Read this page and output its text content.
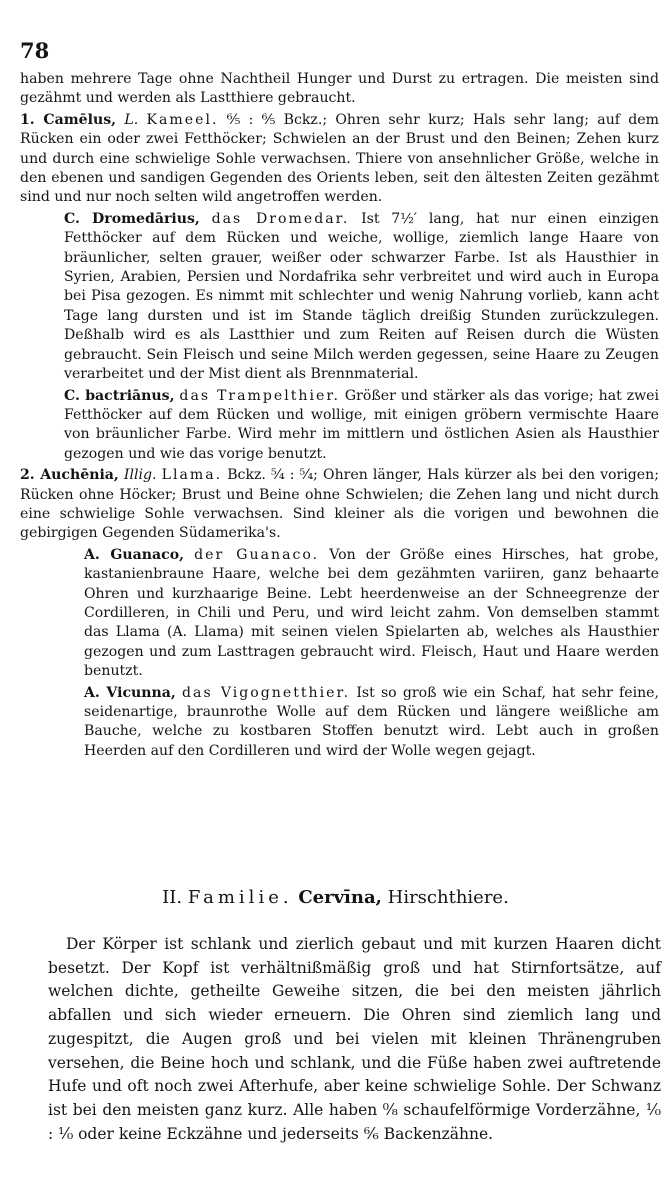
78

haben mehrere Tage ohne Nachtheil Hunger und Durst zu ertragen. Die meisten sind gezähmt und werden als Lastthiere gebraucht.

1. Camēlus, L. Kameel. ⁶⁄₅ : ⁶⁄₅ Bckz.; Ohren sehr kurz; Hals sehr lang; auf dem Rücken ein oder zwei Fetthöcker; Schwielen an der Brust und den Beinen; Zehen kurz und durch eine schwielige Sohle verwachsen. Thiere von ansehnlicher Größe, welche in den ebenen und sandigen Gegenden des Orients leben, seit den ältesten Zeiten gezähmt sind und nur noch selten wild angetroffen werden.

C. Dromedārius, das Dromedar. Ist 7½′ lang, hat nur einen einzigen Fetthöcker auf dem Rücken und weiche, wollige, ziemlich lange Haare von bräunlicher, selten grauer, weißer oder schwarzer Farbe. Ist als Hausthier in Syrien, Arabien, Persien und Nordafrika sehr verbreitet und wird auch in Europa bei Pisa gezogen. Es nimmt mit schlechter und wenig Nahrung vorlieb, kann acht Tage lang dursten und ist im Stande täglich dreißig Stunden zurückzulegen. Deßhalb wird es als Lastthier und zum Reiten auf Reisen durch die Wüsten gebraucht. Sein Fleisch und seine Milch werden gegessen, seine Haare zu Zeugen verarbeitet und der Mist dient als Brennmaterial.

C. bactriānus, das Trampelthier. Größer und stärker als das vorige; hat zwei Fetthöcker auf dem Rücken und wollige, mit einigen gröbern vermischte Haare von bräunlicher Farbe. Wird mehr im mittlern und östlichen Asien als Hausthier gezogen und wie das vorige benutzt.

2. Auchēnia, Illig. Llama. Bckz. ⁵⁄₄ : ⁵⁄₄; Ohren länger, Hals kürzer als bei den vorigen; Rücken ohne Höcker; Brust und Beine ohne Schwielen; die Zehen lang und nicht durch eine schwielige Sohle verwachsen. Sind kleiner als die vorigen und bewohnen die gebirgigen Gegenden Südamerika's.

A. Guanaco, der Guanaco. Von der Größe eines Hirsches, hat grobe, kastanienbraune Haare, welche bei dem gezähmten variiren, ganz behaarte Ohren und kurzhaarige Beine. Lebt heerdenweise an der Schneegrenze der Cordilleren, in Chili und Peru, und wird leicht zahm. Von demselben stammt das Llama (A. Llama) mit seinen vielen Spielarten ab, welches als Hausthier gezogen und zum Lasttragen gebraucht wird. Fleisch, Haut und Haare werden benutzt.

A. Vicunna, das Vigognetthier. Ist so groß wie ein Schaf, hat sehr feine, seidenartige, braunrothe Wolle auf dem Rücken und längere weißliche am Bauche, welche zu kostbaren Stoffen benutzt wird. Lebt auch in großen Heerden auf den Cordilleren und wird der Wolle wegen gejagt.

II. Familie. Cervīna, Hirschthiere.

Der Körper ist schlank und zierlich gebaut und mit kurzen Haaren dicht besetzt. Der Kopf ist verhältnißmäßig groß und hat Stirnfortsätze, auf welchen dichte, getheilte Geweihe sitzen, die bei den meisten jährlich abfallen und sich wieder erneuern. Die Ohren sind ziemlich lang und zugespitzt, die Augen groß und bei vielen mit kleinen Thränengruben versehen, die Beine hoch und schlank, und die Füße haben zwei auftretende Hufe und oft noch zwei Afterhufe, aber keine schwielige Sohle. Der Schwanz ist bei den meisten ganz kurz. Alle haben ⁰⁄₈ schaufelförmige Vorderzähne, ¹⁄₀ : ¹⁄₀ oder keine Eckzähne und jederseits ⁶⁄₆ Backenzähne.
